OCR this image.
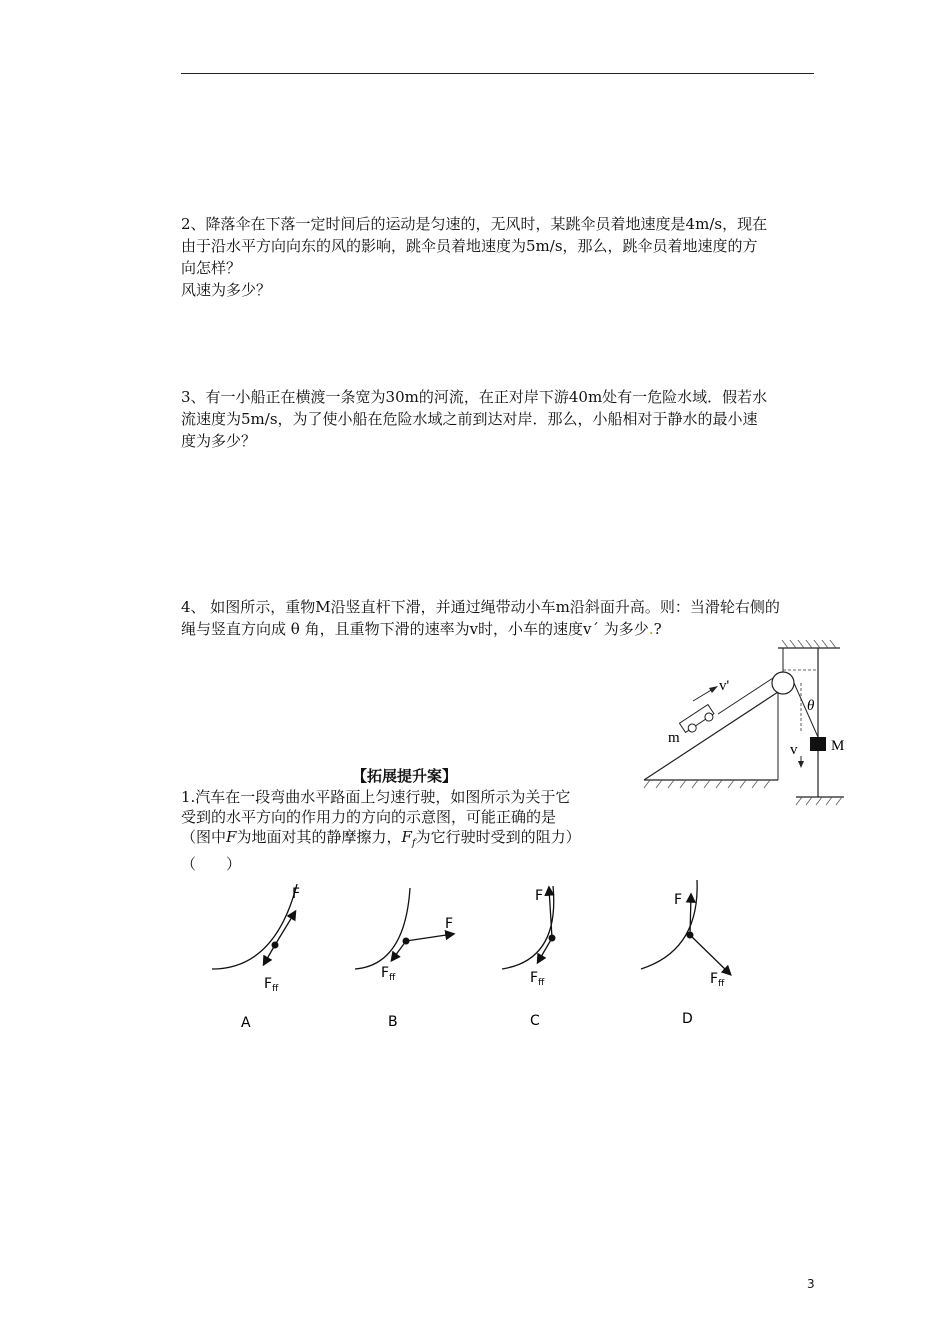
2、降落伞在下落一定时间后的运动是匀速的，无风时，某跳伞员着地速度是4m/s，现在

由于沿水平方向向东的风的影响，跳伞员着地速度为5m/s，那么，跳伞员着地速度的方

向怎样？

风速为多少？

3、有一小船正在横渡一条宽为30m的河流，在正对岸下游40m处有一危险水域．假若水

流速度为5m/s，为了使小船在危险水域之前到达对岸．那么，小船相对于静水的最小速

度为多少？

4、 如图所示，重物M沿竖直杆下滑，并通过绳带动小车m沿斜面升高。则：当滑轮右侧的

绳与竖直方向成 θ 角，且重物下滑的速率为v时，小车的速度v´ 为多少.?

v'
m	M
θ
v
【拓展提升案】

1.汽车在一段弯曲水平路面上匀速行驶，如图所示为关于它

受到的水平方向的作用力的方向的示意图，可能正确的是

（图中F为地面对其的静摩擦力，$F_f$为它行驶时受到的阻力）（　　）

F
$F_{ff}$
A
F
$F_{ff}$
B
F
$F_{ff}$
C
F
$F_{ff}$
D
3
